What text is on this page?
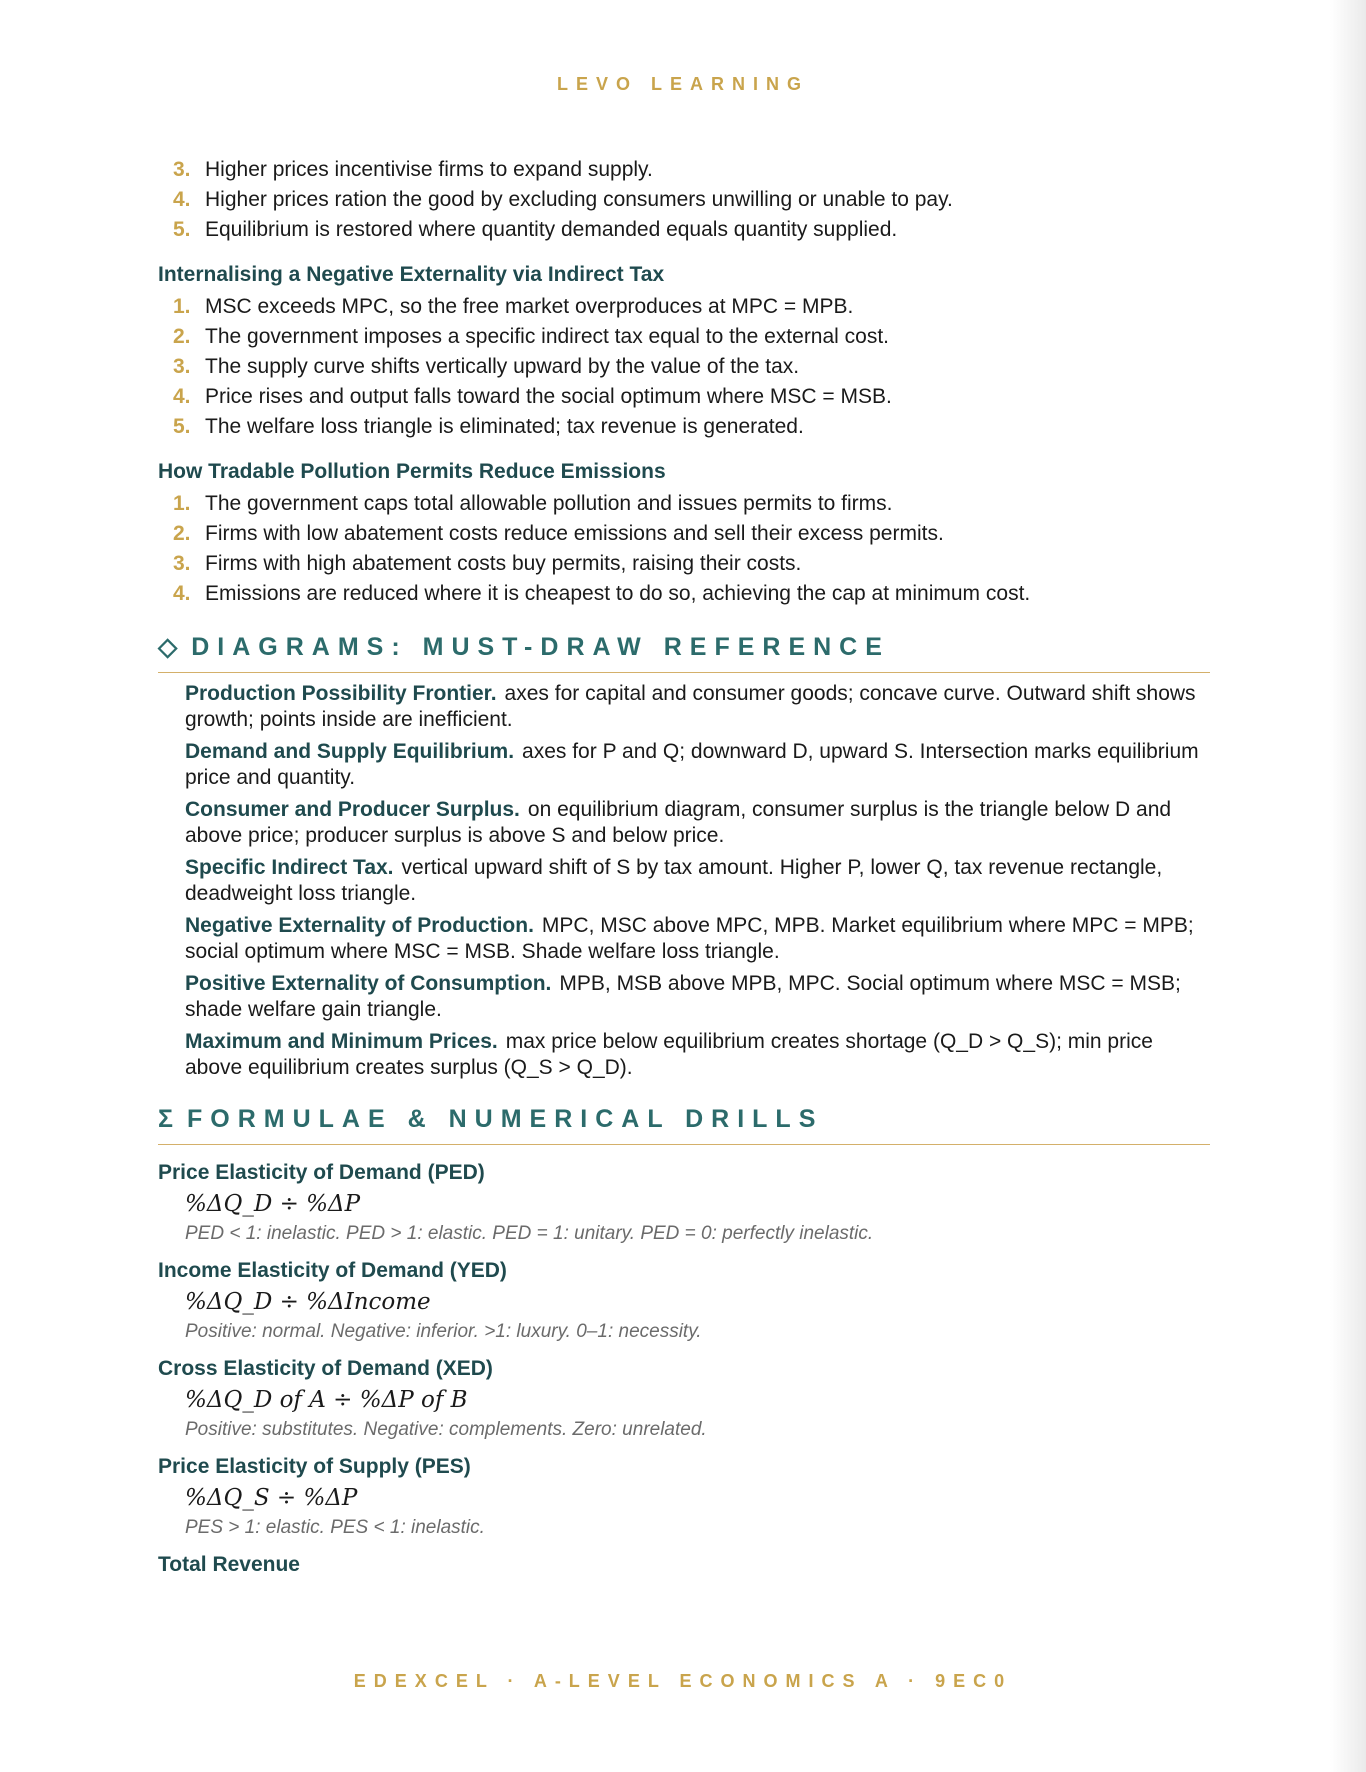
LEVO LEARNING
3. Higher prices incentivise firms to expand supply.
4. Higher prices ration the good by excluding consumers unwilling or unable to pay.
5. Equilibrium is restored where quantity demanded equals quantity supplied.
Internalising a Negative Externality via Indirect Tax
1. MSC exceeds MPC, so the free market overproduces at MPC = MPB.
2. The government imposes a specific indirect tax equal to the external cost.
3. The supply curve shifts vertically upward by the value of the tax.
4. Price rises and output falls toward the social optimum where MSC = MSB.
5. The welfare loss triangle is eliminated; tax revenue is generated.
How Tradable Pollution Permits Reduce Emissions
1. The government caps total allowable pollution and issues permits to firms.
2. Firms with low abatement costs reduce emissions and sell their excess permits.
3. Firms with high abatement costs buy permits, raising their costs.
4. Emissions are reduced where it is cheapest to do so, achieving the cap at minimum cost.
◇ DIAGRAMS: MUST-DRAW REFERENCE
Production Possibility Frontier. axes for capital and consumer goods; concave curve. Outward shift shows growth; points inside are inefficient.
Demand and Supply Equilibrium. axes for P and Q; downward D, upward S. Intersection marks equilibrium price and quantity.
Consumer and Producer Surplus. on equilibrium diagram, consumer surplus is the triangle below D and above price; producer surplus is above S and below price.
Specific Indirect Tax. vertical upward shift of S by tax amount. Higher P, lower Q, tax revenue rectangle, deadweight loss triangle.
Negative Externality of Production. MPC, MSC above MPC, MPB. Market equilibrium where MPC = MPB; social optimum where MSC = MSB. Shade welfare loss triangle.
Positive Externality of Consumption. MPB, MSB above MPB, MPC. Social optimum where MSC = MSB; shade welfare gain triangle.
Maximum and Minimum Prices. max price below equilibrium creates shortage (Q_D > Q_S); min price above equilibrium creates surplus (Q_S > Q_D).
Σ FORMULAE & NUMERICAL DRILLS
Price Elasticity of Demand (PED)
%ΔQ_D ÷ %ΔP
PED < 1: inelastic. PED > 1: elastic. PED = 1: unitary. PED = 0: perfectly inelastic.
Income Elasticity of Demand (YED)
%ΔQ_D ÷ %ΔIncome
Positive: normal. Negative: inferior. >1: luxury. 0–1: necessity.
Cross Elasticity of Demand (XED)
%ΔQ_D of A ÷ %ΔP of B
Positive: substitutes. Negative: complements. Zero: unrelated.
Price Elasticity of Supply (PES)
%ΔQ_S ÷ %ΔP
PES > 1: elastic. PES < 1: inelastic.
Total Revenue
EDEXCEL · A-LEVEL ECONOMICS A · 9EC0
